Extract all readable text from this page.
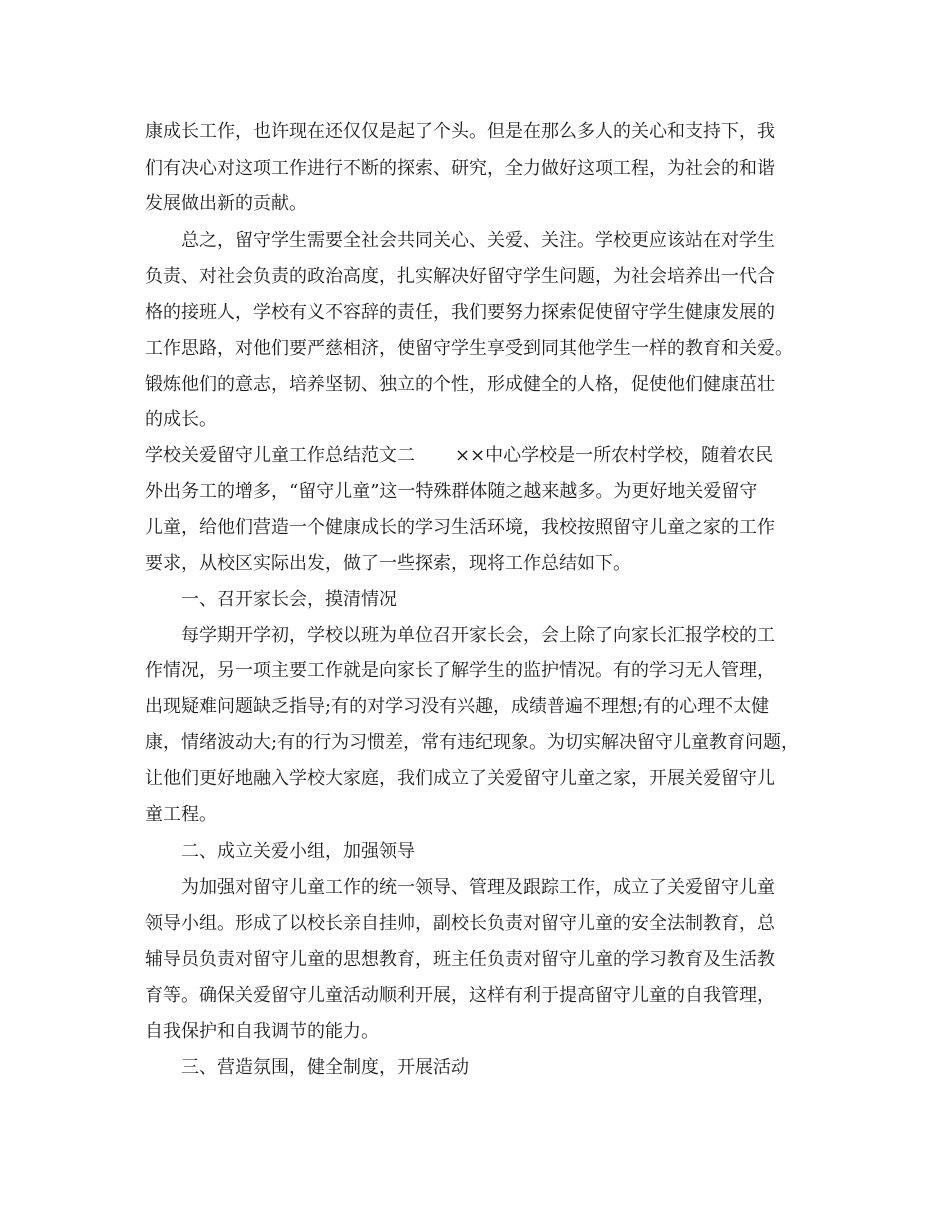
康成长工作，也许现在还仅仅是起了个头。但是在那么多人的关心和支持下，我
们有决心对这项工作进行不断的探索、研究，全力做好这项工程，为社会的和谐
发展做出新的贡献。
总之，留守学生需要全社会共同关心、关爱、关注。学校更应该站在对学生
负责、对社会负责的政治高度，扎实解决好留守学生问题，为社会培养出一代合
格的接班人，学校有义不容辞的责任，我们要努力探索促使留守学生健康发展的
工作思路，对他们要严慈相济，使留守学生享受到同其他学生一样的教育和关爱。
锻炼他们的意志，培养坚韧、独立的个性，形成健全的人格，促使他们健康茁壮
的成长。
学校关爱留守儿童工作总结范文二 ××中心学校是一所农村学校，随着农民
外出务工的增多，“留守儿童”这一特殊群体随之越来越多。为更好地关爱留守
儿童，给他们营造一个健康成长的学习生活环境，我校按照留守儿童之家的工作
要求，从校区实际出发，做了一些探索，现将工作总结如下。
一、召开家长会，摸清情况
每学期开学初，学校以班为单位召开家长会，会上除了向家长汇报学校的工
作情况，另一项主要工作就是向家长了解学生的监护情况。有的学习无人管理，
出现疑难问题缺乏指导;有的对学习没有兴趣，成绩普遍不理想;有的心理不太健
康，情绪波动大;有的行为习惯差，常有违纪现象。为切实解决留守儿童教育问题，
让他们更好地融入学校大家庭，我们成立了关爱留守儿童之家，开展关爱留守儿
童工程。
二、成立关爱小组，加强领导
为加强对留守儿童工作的统一领导、管理及跟踪工作，成立了关爱留守儿童
领导小组。形成了以校长亲自挂帅，副校长负责对留守儿童的安全法制教育，总
辅导员负责对留守儿童的思想教育，班主任负责对留守儿童的学习教育及生活教
育等。确保关爱留守儿童活动顺利开展，这样有利于提高留守儿童的自我管理，
自我保护和自我调节的能力。
三、营造氛围，健全制度，开展活动
